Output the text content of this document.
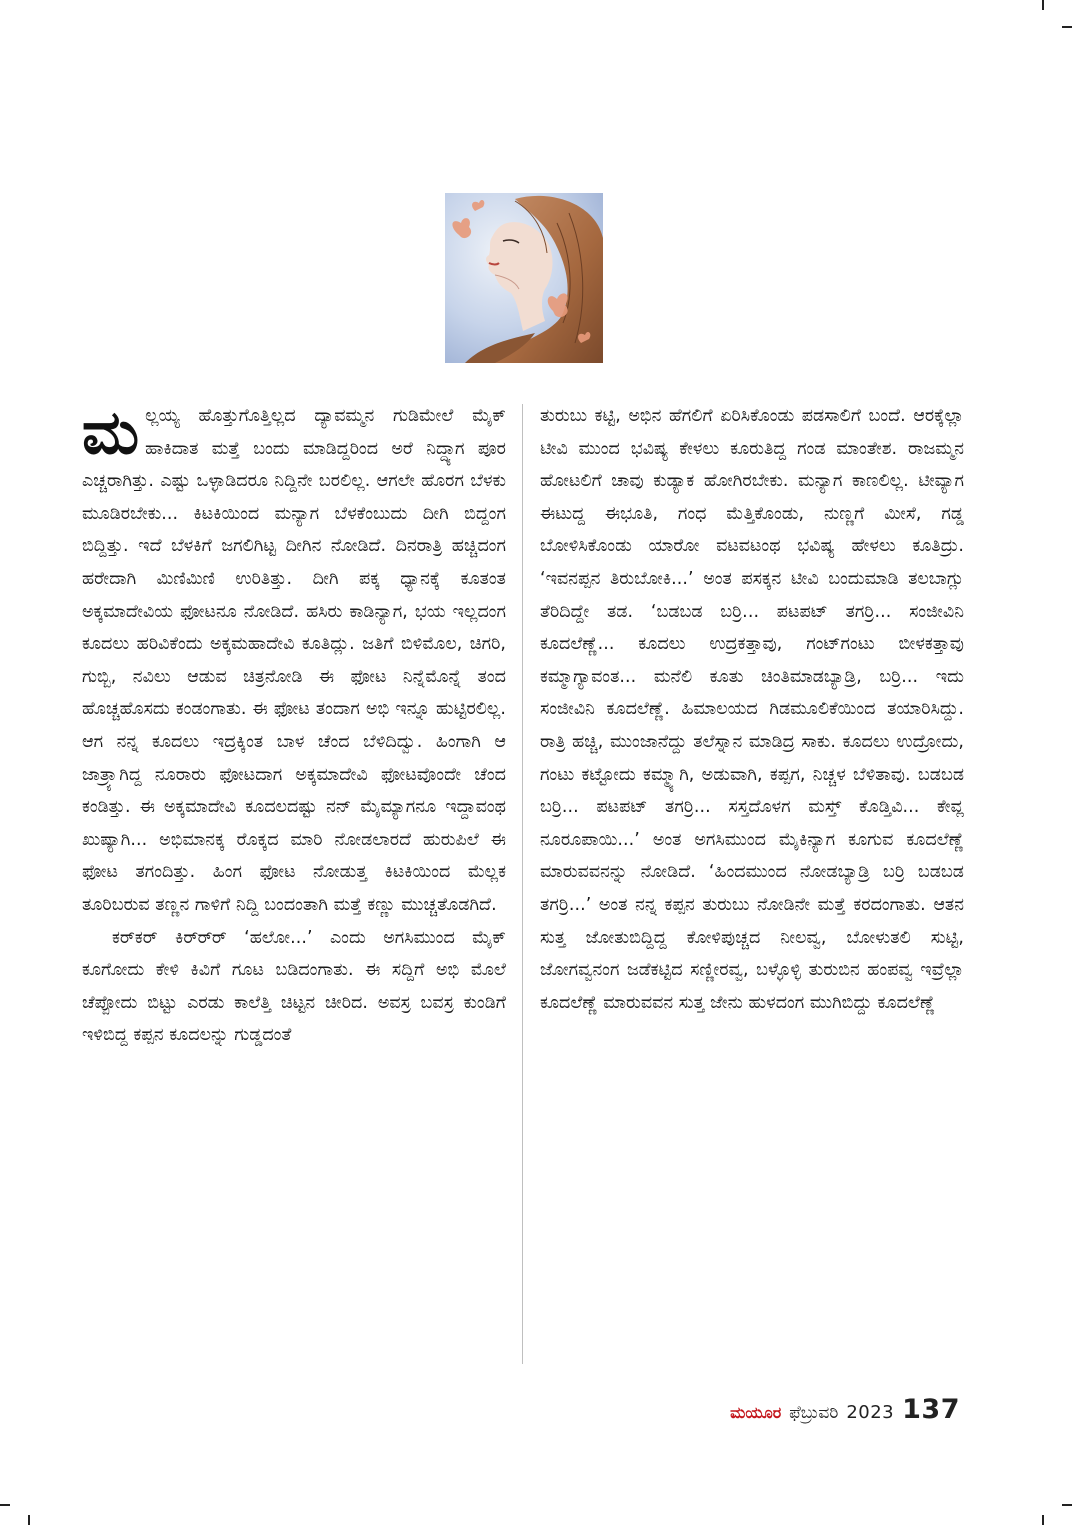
ಮ ಲ್ಲಯ್ಯ ಹೊತ್ತುಗೊತ್ತಿಲ್ಲದ ದ್ಯಾವಮ್ಮನ ಗುಡಿಮೇಲೆ ಮೈಕ್ ಹಾಕಿದಾತ ಮತ್ತೆ ಬಂದು ಮಾಡಿದ್ದರಿಂದ ಅರೆ ನಿದ್ದ್ಯಾಗ ಪೂರ ಎಚ್ಚರಾಗಿತ್ತು. ಎಷ್ಟು ಒಳ್ಳಾಡಿದರೂ ನಿದ್ದಿನೇ ಬರಲಿಲ್ಲ. ಆಗಲೇ ಹೊರಗ ಬೆಳಕು ಮೂಡಿರಬೇಕು... ಕಿಟಕಿಯಿಂದ ಮನ್ಯಾಗ ಬೆಳಕೆಂಬುದು ದೀಗಿ ಬಿದ್ದಂಗ ಬಿದ್ದಿತ್ತು. ಇದೆ ಬೆಳಕಿಗೆ ಜಗಲಿಗಿಟ್ಟ ದೀಗಿನ ನೋಡಿದೆ. ದಿನರಾತ್ರಿ ಹಚ್ಚಿದಂಗ ಹರೇದಾಗಿ ಮಿಣಿಮಿಣಿ ಉರಿತಿತ್ತು. ದೀಗಿ ಪಕ್ಕ ಧ್ಯಾನಕ್ಕೆ ಕೂತಂತ ಅಕ್ಕಮಾದೇವಿಯ ಫೋಟನೂ ನೋಡಿದೆ. ಹಸಿರು ಕಾಡಿನ್ಯಾಗ, ಭಯ ಇಲ್ಲದಂಗ ಕೂದಲು ಹರಿವಿಕೆಂದು ಅಕ್ಕಮಹಾದೇವಿ ಕೂತಿದ್ಲು. ಜತಿಗೆ ಬಿಳಿಮೊಲ, ಚಿಗರಿ, ಗುಬ್ಬಿ, ನವಿಲು ಆಡುವ ಚಿತ್ರನೋಡಿ ಈ ಫೋಟ ನಿನ್ನೆಮೊನ್ನೆ ತಂದ ಹೊಚ್ಚಹೊಸದು ಕಂಡಂಗಾತು. ಈ ಫೋಟ ತಂದಾಗ ಅಭಿ ಇನ್ನೂ ಹುಟ್ಟಿರಲಿಲ್ಲ. ಆಗ ನನ್ನ ಕೂದಲು ಇದ್ರಕ್ಕಿಂತ ಬಾಳ ಚೆಂದ ಬೆಳಿದಿದ್ವು. ಹಿಂಗಾಗಿ ಆ ಜಾತ್ರ್ಯಾಗಿದ್ದ ನೂರಾರು ಫೋಟದಾಗ ಅಕ್ಕಮಾದೇವಿ ಫೋಟವೊಂದೇ ಚೆಂದ ಕಂಡಿತ್ತು. ಈ ಅಕ್ಕಮಾದೇವಿ ಕೂದಲದಷ್ಟು ನನ್ ಮೈಮ್ಯಾಗನೂ ಇದ್ದಾವಂಥ ಖುಷ್ಯಾಗಿ... ಅಭಿಮಾನಕ್ಕ ರೊಕ್ಕದ ಮಾರಿ ನೋಡಲಾರದೆ ಹುರುಪಿಲೆ ಈ ಫೋಟ ತಗಂದಿತ್ತು. ಹಿಂಗ ಫೋಟ ನೋಡುತ್ತ ಕಿಟಕಿಯಿಂದ ಮೆಲ್ಲಕ ತೂರಿಬರುವ ತಣ್ಣನ ಗಾಳಿಗೆ ನಿದ್ದಿ ಬಂದಂತಾಗಿ ಮತ್ತೆ ಕಣ್ಣು ಮುಚ್ಚತೊಡಗಿದೆ.

ಕರ್‌ಕರ್ ಕಿರ್‍ರ್‍ರ್ ‘ಹಲೋ...’ ಎಂದು ಅಗಸಿಮುಂದ ಮೈಕ್ ಕೂಗೋದು ಕೇಳಿ ಕಿವಿಗೆ ಗೂಟ ಬಡಿದಂಗಾತು. ಈ ಸದ್ದಿಗೆ ಅಭಿ ಮೊಲೆ ಚೆಪ್ಪೋದು ಬಿಟ್ಟು ಎರಡು ಕಾಲೆತ್ತಿ ಚಿಟ್ಟನ ಚೀರಿದ. ಅವಸ್ರ ಬವಸ್ರ ಕುಂಡಿಗೆ ಇಳಿಬಿದ್ದ ಕಪ್ಪನ ಕೂದಲನ್ನು ಗುಡ್ಡದಂತೆ

ತುರುಬು ಕಟ್ಟಿ, ಅಭಿನ ಹೆಗಲಿಗೆ ಏರಿಸಿಕೊಂಡು ಪಡಸಾಲಿಗೆ ಬಂದೆ. ಆರಕ್ಕೆಲ್ಲಾ ಟೀವಿ ಮುಂದ ಭವಿಷ್ಯ ಕೇಳಲು ಕೂರುತಿದ್ದ ಗಂಡ ಮಾಂತೇಶ. ರಾಜಮ್ಮನ ಹೋಟಲಿಗೆ ಚಾವು ಕುಡ್ಯಾಕ ಹೋಗಿರಬೇಕು. ಮನ್ಯಾಗ ಕಾಣಲಿಲ್ಲ. ಟೀವ್ಯಾಗ ಈಟುದ್ದ ಈಭೂತಿ, ಗಂಧ ಮೆತ್ತಿಕೊಂಡು, ನುಣ್ಣಗೆ ಮೀಸೆ, ಗಡ್ಡ ಬೋಳಿಸಿಕೊಂಡು ಯಾರೋ ವಟವಟಂಥ ಭವಿಷ್ಯ ಹೇಳಲು ಕೂತಿದ್ರು. ‘ಇವನಪ್ಪನ ತಿರುಬೋಕಿ...’ ಅಂತ ಪಸಕ್ಕನ ಟೀವಿ ಬಂದುಮಾಡಿ ತಲಬಾಗ್ಲು ತೆರಿದಿದ್ದೇ ತಡ. ‘ಬಡಬಡ ಬರ್‍ರಿ... ಪಟಪಟ್ ತಗರ್‍ರಿ... ಸಂಜೀವಿನಿ ಕೂದಲೆಣ್ಣೆ... ಕೂದಲು ಉದ್ರಕತ್ತಾವು, ಗಂಟ್‌ಗಂಟು ಬೀಳಕತ್ತಾವು ಕಮ್ಮಾಗ್ಯಾವಂತ... ಮನೆಲಿ ಕೂತು ಚಿಂತಿಮಾಡಬ್ಯಾಡ್ರಿ, ಬರ್‍ರಿ... ಇದು ಸಂಜೀವಿನಿ ಕೂದಲೆಣ್ಣೆ. ಹಿಮಾಲಯದ ಗಿಡಮೂಲಿಕೆಯಿಂದ ತಯಾರಿಸಿದ್ದು. ರಾತ್ರಿ ಹಚ್ಚಿ, ಮುಂಜಾನೆದ್ದು ತಲೆಸ್ನಾನ ಮಾಡಿದ್ರ ಸಾಕು. ಕೂದಲು ಉದ್ರೋದು, ಗಂಟು ಕಟ್ಟೋದು ಕಮ್ಮ್ಯಾಗಿ, ಅಡುವಾಗಿ, ಕಪ್ಪಗ, ನಿಚ್ಚಳ ಬೆಳಿತಾವು. ಬಡಬಡ ಬರ್‍ರಿ... ಪಟಪಟ್ ತಗರ್‍ರಿ... ಸಸ್ತದೊಳಗ ಮಸ್ತ್ ಕೊಡ್ತಿವಿ... ಕೇವ್ಲ ನೂರೂಪಾಯಿ...’ ಅಂತ ಅಗಸಿಮುಂದ ಮೈಕಿನ್ಯಾಗ ಕೂಗುವ ಕೂದಲೆಣ್ಣೆ ಮಾರುವವನನ್ನು ನೋಡಿದೆ. ‘ಹಿಂದಮುಂದ ನೋಡಬ್ಯಾಡ್ರಿ ಬರ್‍ರಿ ಬಡಬಡ ತಗರ್‍ರಿ...’ ಅಂತ ನನ್ನ ಕಪ್ಪನ ತುರುಬು ನೋಡಿನೇ ಮತ್ತೆ ಕರದಂಗಾತು. ಆತನ ಸುತ್ತ ಜೋತುಬಿದ್ದಿದ್ದ ಕೋಳಿಪುಚ್ಚದ ನೀಲವ್ವ, ಬೋಳುತಲಿ ಸುಟ್ಟಿ, ಜೋಗವ್ವನಂಗ ಜಡೆಕಟ್ಟಿದ ಸಣ್ಣೀರವ್ವ, ಬಳ್ಳೊಳ್ಳಿ ತುರುಬಿನ ಹಂಪವ್ವ ಇವ್ರೆಲ್ಲಾ ಕೂದಲೆಣ್ಣೆ ಮಾರುವವನ ಸುತ್ತ ಜೇನು ಹುಳದಂಗ ಮುಗಿಬಿದ್ದು ಕೂದಲೆಣ್ಣೆ

ಮಯೂರ ಫೆಬ್ರುವರಿ 2023 137
